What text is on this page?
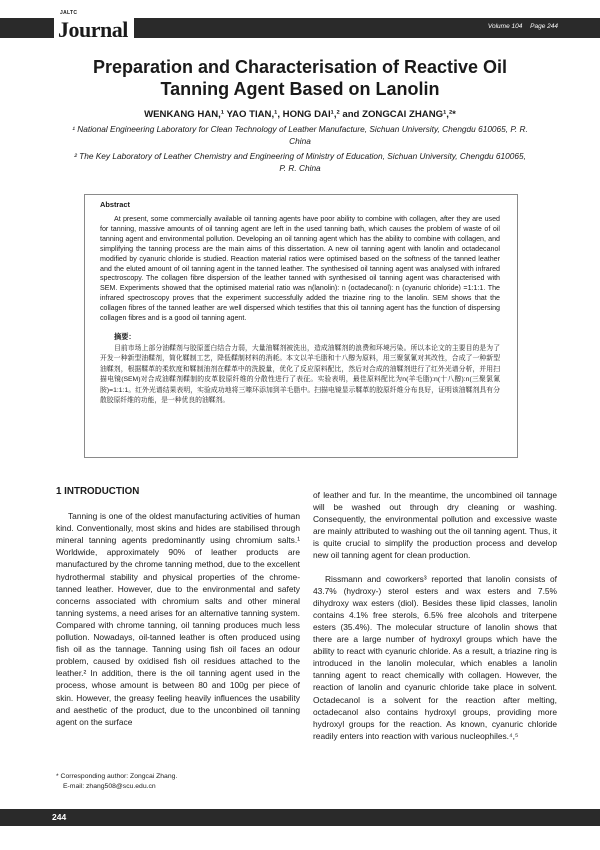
JALTC
Journal	Volume 104 Page 244
Preparation and Characterisation of Reactive Oil
Tanning Agent Based on Lanolin
WENKANG HAN,¹ YAO TIAN,¹, HONG DAI¹,² and ZONGCAI ZHANG¹,²*
¹ National Engineering Laboratory for Clean Technology of Leather Manufacture, Sichuan University, Chengdu 610065, P. R. China
² The Key Laboratory of Leather Chemistry and Engineering of Ministry of Education, Sichuan University, Chengdu 610065, P. R. China
Abstract

At present, some commercially available oil tanning agents have poor ability to combine with collagen, after they are used for tanning, massive amounts of oil tanning agent are left in the used tanning bath, which causes the problem of waste of oil tanning agent and environmental pollution. Developing an oil tanning agent which has the ability to combine with collagen, and simplifying the tanning process are the main aims of this dissertation. A new oil tanning agent with lanolin and octadecanol modified by cyanuric chloride is studied. Reaction material ratios were optimised based on the softness of the tanned leather and the eluted amount of oil tanning agent in the tanned leather. The synthesised oil tanning agent was analysed with infrared spectroscopy. The collagen fibre dispersion of the leather tanned with synthesised oil tanning agent was characterised with SEM. Experiments showed that the optimised material ratio was n(lanolin): n (octadecanol): n (cyanuric chloride) =1:1:1. The infrared spectroscopy proves that the experiment successfully added the triazine ring to the lanolin. SEM shows that the collagen fibres of the tanned leather are well dispersed which testifies that this oil tanning agent has the function of dispersing collagen fibres and is a good oil tanning agent.

摘要：

目前市场上部分油鞣剂与胶原蛋白结合力弱，大量油鞣剂被洗出，造成油鞣剂的浪费和环境污染。所以本论文的主要目的是为了开发一种新型油鞣剂，简化鞣制工艺，降低鞣制材料的消耗。本文以羊毛脂和十八醇为原料，用三聚氯氰对其改性，合成了一种新型油鞣剂，根据鞣革的柔软度和鞣制油剂在鞣革中的洗脱量，优化了反应原料配比，然后对合成的油鞣剂进行了红外光谱分析，并用扫描电镜(SEM)对合成油鞣剂鞣制的皮革胶原纤维的分散性进行了表征。实验表明，最佳原料配比为n(羊毛脂):n(十八醇):n(三聚氯氰胺)=1:1:1。红外光谱结果表明，实验成功地将三嗪环添加到羊毛脂中。扫描电镜显示鞣革的胶原纤维分布良好，证明该油鞣剂具有分散胶原纤维的功能，是一种优良的油鞣剂。

1 INTRODUCTION

Tanning is one of the oldest manufacturing activities of human kind. Conventionally, most skins and hides are stabilised through mineral tanning agents predominantly using chromium salts.¹ Worldwide, approximately 90% of leather products are manufactured by the chrome tanning method, due to the excellent hydrothermal stability and physical properties of the chrome-tanned leather. However, due to the environmental and safety concerns associated with chromium salts and other mineral tanning systems, a need arises for an alternative tanning system. Compared with chrome tanning, oil tanning produces much less pollution. Nowadays, oil-tanned leather is often produced using fish oil as the tannage. Tanning using fish oil faces an odour problem, caused by oxidised fish oil residues attached to the leather.² In addition, there is the oil tanning agent used in the process, whose amount is between 80 and 100g per piece of skin. However, the greasy feeling heavily influences the usability and aesthetic of the product, due to the unconbined oil tanning agent on the surface

of leather and fur. In the meantime, the uncombined oil tannage will be washed out through dry cleaning or washing. Consequently, the environmental pollution and excessive waste are mainly attributed to washing out the oil tanning agent. Thus, it is quite crucial to simplify the production process and develop new oil tanning agent for clean production.

Rissmann and coworkers³ reported that lanolin consists of 43.7% (hydroxy-) sterol esters and wax esters and 7.5% dihydroxy wax esters (diol). Besides these lipid classes, lanolin contains 4.1% free sterols, 6.5% free alcohols and triterpene esters (35.4%). The molecular structure of lanolin shows that there are a large number of hydroxyl groups which have the ability to react with cyanuric chloride. As a result, a triazine ring is introduced in the lanolin molecular, which enables a lanolin tanning agent to react chemically with collagen. However, the reaction of lanolin and cyanuric chloride take place in solvent. Octadecanol is a solvent for the reaction after melting, octadecanol also contains hydroxyl groups, providing more hydroxyl groups for the reaction. As known, cyanuric chloride readily enters into reaction with various nucleophiles.⁴,⁵

* Corresponding author: Zongcai Zhang.
E-mail: zhang508@scu.edu.cn
244
